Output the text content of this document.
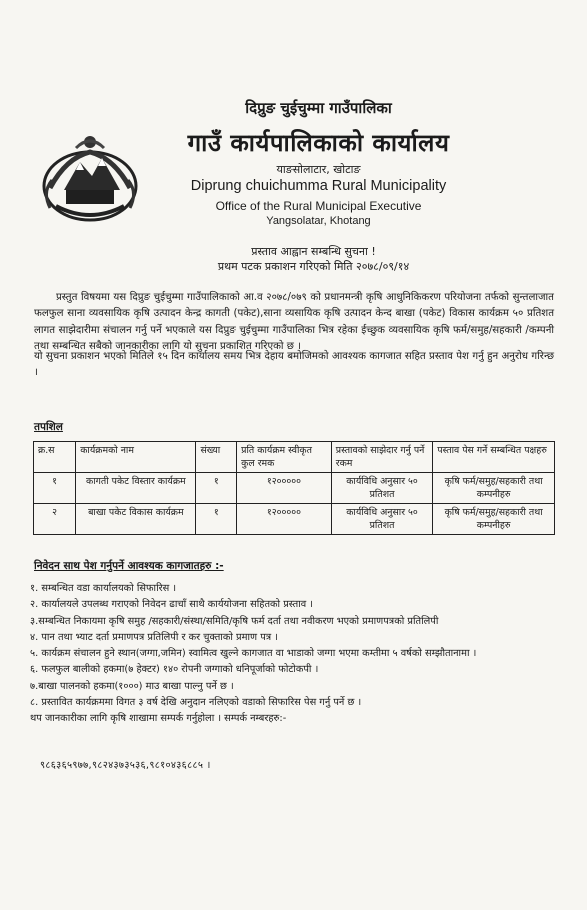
दिप्रुङ चुईचुम्मा गाउँपालिका
गाउँ कार्यपालिकाको कार्यालय
याङसोलाटार, खोटाङ
Diprung chuichumma Rural Municipality
Office of the Rural Municipal Executive
Yangsolatar, Khotang
प्रस्ताव आह्वान सम्बन्धि सुचना !
प्रथम पटक प्रकाशन गरिएको मिति २०७८/०९/१४
प्रस्तुत विषयमा यस दिप्रुङ चुईचुम्मा गाउँपालिकाको आ.व २०७८/०७९ को प्रधानमन्त्री कृषि आधुनिकिकरण परियोजना तर्फको सुन्तलाजात फलफुल साना व्यवसायिक कृषि उत्पादन केन्द्र कागती (पकेट),साना व्यसायिक कृषि उत्पादन केन्द बाखा (पकेट) विकास कार्यक्रम ५० प्रतिशत लागत साझेदारीमा संचालन गर्नु पर्ने भएकाले यस दिप्रुङ चुईचुम्मा गाउँपालिका भित्र रहेका ईच्छुक व्यवसायिक कृषि फर्म/समुह/सहकारी /कम्पनी तथा सम्बन्धित सबैको जानकारीका लागि यो सुचना प्रकाशित गरिएको छ ।
यो सुचना प्रकाशन भएको मितिले १५ दिन कार्यालय समय भित्र देहाय बमोजिमको आवश्यक कागजात सहित प्रस्ताव पेश गर्नु हुन अनुरोध गरिन्छ ।
तपशिल
क्र.स	कार्यक्रमको नाम	संख्या	प्रति कार्यक्रम स्वीकृत कुल रमक	प्रस्तावको साझेदार गर्नु पर्ने रकम	पस्ताव पेस गर्ने सम्बन्धित पक्षहरु
१	कागती पकेट विस्तार कार्यक्रम	१	१२०००००	कार्यविधि अनुसार ५० प्रतिशत	कृषि फर्म/समुह/सहकारी तथा कम्पनीहरु
२	बाखा पकेट विकास कार्यक्रम	१	१२०००००	कार्यविधि अनुसार ५० प्रतिशत	कृषि फर्म/समुह/सहकारी तथा कम्पनीहरु
निवेदन साथ पेश गर्नुपर्ने आवश्यक कागजातहरु :-
१. सम्बन्धित वडा कार्यालयको सिफारिस ।
२. कार्यालयले उपलब्ध गराएको निवेदन ढाचाँ साथै कार्ययोजना सहितको प्रस्ताव ।
३.सम्बन्धित निकायमा कृषि समुह /सहकारी/संस्था/समिति/कृषि फर्म दर्ता तथा नवीकरण भएको प्रमाणपत्रको प्रतिलिपी
४. पान तथा भ्याट दर्ता प्रमाणपत्र प्रतिलिपी र कर चुक्ताको प्रमाण पत्र ।
५. कार्यक्रम संचालन हुने स्थान(जग्गा,जमिन) स्वामित्व खुल्ने कागजात वा भाडाको जग्गा भएमा कम्तीमा ५ वर्षको सम्झौतानामा ।
६. फलफुल बालीको हकमा(७ हेक्टर) १४० रोपनी जग्गाको धनिपूर्जाको फोटोकपी ।
७.बाखा पालनको हकमा(१०००) माउ बाखा पाल्नु पर्ने छ ।
८. प्रस्तावित कार्यक्रममा विगत ३ वर्ष देखि अनुदान नलिएको वडाको सिफारिस पेस गर्नु पर्ने छ ।
थप जानकारीका लागि कृषि शाखामा सम्पर्क गर्नुहोला । सम्पर्क नम्बरहरु:-
९८६३६५९७७,९८२४३७३५३६,९८१०४३६८८५ ।
